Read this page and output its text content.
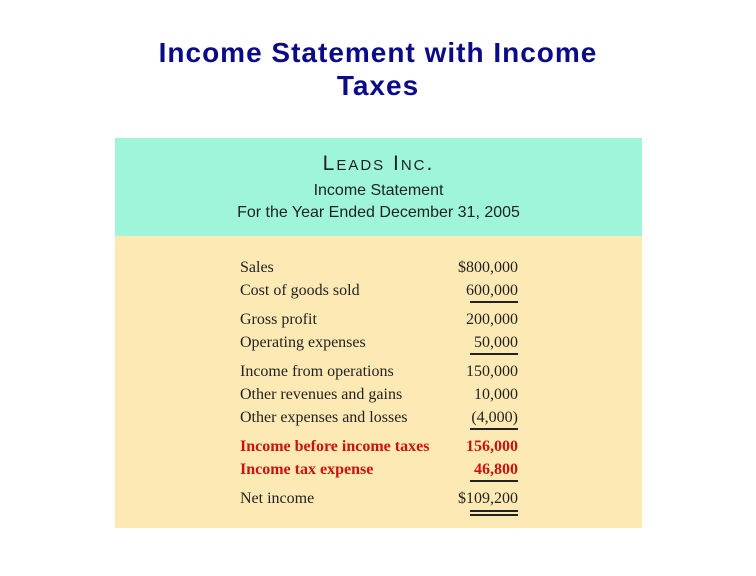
Income Statement with Income
Taxes
Leads Inc.
Income Statement
For the Year Ended December 31, 2005
Sales	$800,000
Cost of goods sold	600,000
Gross profit	200,000
Operating expenses	50,000
Income from operations	150,000
Other revenues and gains	10,000
Other expenses and losses	(4,000)
Income before income taxes 156,000
Income tax expense	46,800
Net income	$109,200
